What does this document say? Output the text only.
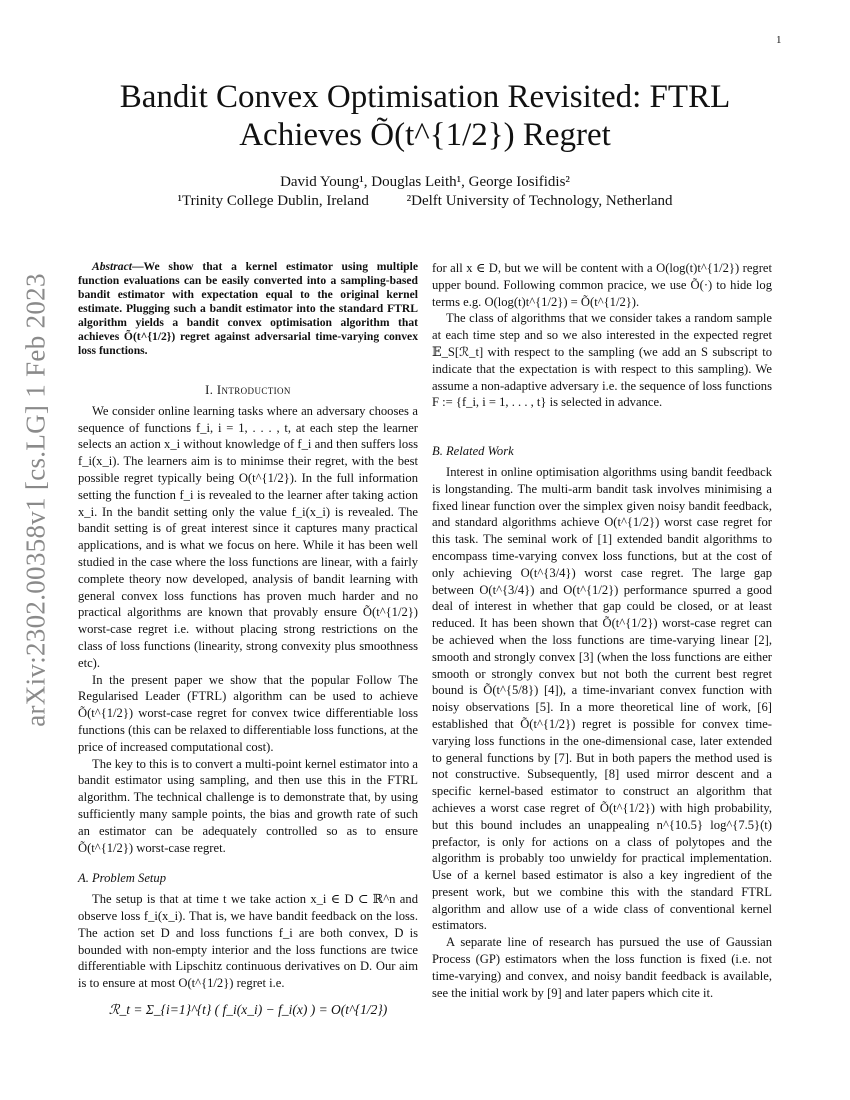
1
arXiv:2302.00358v1 [cs.LG] 1 Feb 2023
Bandit Convex Optimisation Revisited: FTRL
Achieves Õ(t^{1/2}) Regret
David Young¹, Douglas Leith¹, George Iosifidis²
¹Trinity College Dublin, Ireland	²Delft University of Technology, Netherland

Abstract—We show that a kernel estimator using multiple function evaluations can be easily converted into a sampling-based bandit estimator with expectation equal to the original kernel estimate. Plugging such a bandit estimator into the standard FTRL algorithm yields a bandit convex optimisation algorithm that achieves Õ(t^{1/2}) regret against adversarial time-varying convex loss functions.

I. Introduction

We consider online learning tasks where an adversary chooses a sequence of functions f_i, i = 1, . . . , t, at each step the learner selects an action x_i without knowledge of f_i and then suffers loss f_i(x_i). The learners aim is to minimse their regret, with the best possible regret typically being O(t^{1/2}). In the full information setting the function f_i is revealed to the learner after taking action x_i. In the bandit setting only the value f_i(x_i) is revealed. The bandit setting is of great interest since it captures many practical applications, and is what we focus on here. While it has been well studied in the case where the loss functions are linear, with a fairly complete theory now developed, analysis of bandit learning with general convex loss functions has proven much harder and no practical algorithms are known that provably ensure Õ(t^{1/2}) worst-case regret i.e. without placing strong restrictions on the class of loss functions (linearity, strong convexity plus smoothness etc).

In the present paper we show that the popular Follow The Regularised Leader (FTRL) algorithm can be used to achieve Õ(t^{1/2}) worst-case regret for convex twice differentiable loss functions (this can be relaxed to differentiable loss functions, at the price of increased computational cost).

The key to this is to convert a multi-point kernel estimator into a bandit estimator using sampling, and then use this in the FTRL algorithm. The technical challenge is to demonstrate that, by using sufficiently many sample points, the bias and growth rate of such an estimator can be adequately controlled so as to ensure Õ(t^{1/2}) worst-case regret.

A. Problem Setup

The setup is that at time t we take action x_i ∈ D ⊂ ℝ^n and observe loss f_i(x_i). That is, we have bandit feedback on the loss. The action set D and loss functions f_i are both convex, D is bounded with non-empty interior and the loss functions are twice differentiable with Lipschitz continuous derivatives on D. Our aim is to ensure at most O(t^{1/2}) regret i.e.

ℛ_t = Σ_{i=1}^{t} ( f_i(x_i) − f_i(x) ) = O(t^{1/2})

for all x ∈ D, but we will be content with a O(log(t)t^{1/2}) regret upper bound. Following common pracice, we use Õ(·) to hide log terms e.g. O(log(t)t^{1/2}) = Õ(t^{1/2}).

The class of algorithms that we consider takes a random sample at each time step and so we also interested in the expected regret 𝔼_S[ℛ_t] with respect to the sampling (we add an S subscript to indicate that the expectation is with respect to this sampling). We assume a non-adaptive adversary i.e. the sequence of loss functions F := {f_i, i = 1, . . . , t} is selected in advance.

B. Related Work

Interest in online optimisation algorithms using bandit feedback is longstanding. The multi-arm bandit task involves minimising a fixed linear function over the simplex given noisy bandit feedback, and standard algorithms achieve O(t^{1/2}) worst case regret for this task. The seminal work of [1] extended bandit algorithms to encompass time-varying convex loss functions, but at the cost of only achieving O(t^{3/4}) worst case regret. The large gap between O(t^{3/4}) and O(t^{1/2}) performance spurred a good deal of interest in whether that gap could be closed, or at least reduced. It has been shown that Õ(t^{1/2}) worst-case regret can be achieved when the loss functions are time-varying linear [2], smooth and strongly convex [3] (when the loss functions are either smooth or strongly convex but not both the current best regret bound is Õ(t^{5/8}) [4]), a time-invariant convex function with noisy observations [5]. In a more theoretical line of work, [6] established that Õ(t^{1/2}) regret is possible for convex time-varying loss functions in the one-dimensional case, later extended to general functions by [7]. But in both papers the method used is not constructive. Subsequently, [8] used mirror descent and a specific kernel-based estimator to construct an algorithm that achieves a worst case regret of Õ(t^{1/2}) with high probability, but this bound includes an unappealing n^{10.5} log^{7.5}(t) prefactor, is only for actions on a class of polytopes and the algorithm is probably too unwieldy for practical implementation. Use of a kernel based estimator is also a key ingredient of the present work, but we combine this with the standard FTRL algorithm and allow use of a wide class of conventional kernel estimators.

A separate line of research has pursued the use of Gaussian Process (GP) estimators when the loss function is fixed (i.e. not time-varying) and convex, and noisy bandit feedback is available, see the initial work by [9] and later papers which cite it.
